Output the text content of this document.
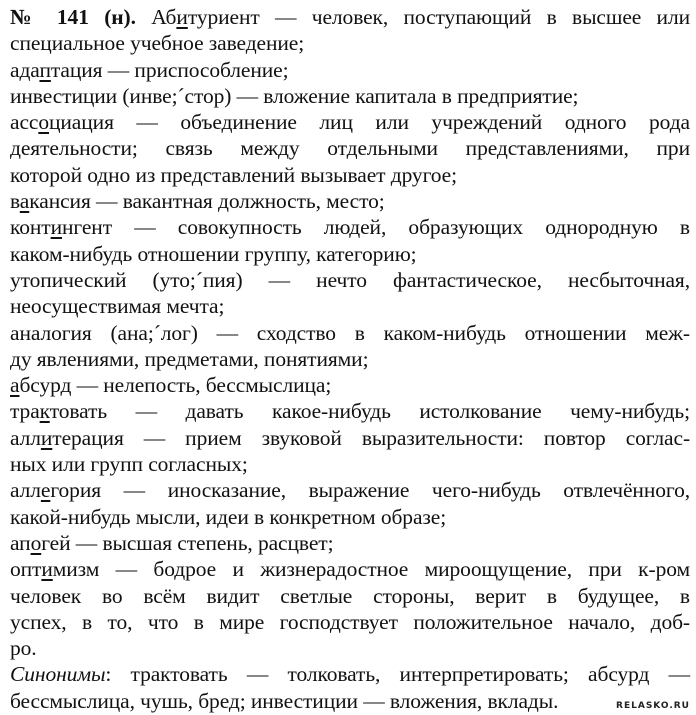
№ 141 (н). Абитуриент — человек, поступающий в высшее или
специальное учебное заведение;
адаптация — приспособление;
инвестиции (инве;´стор) — вложение капитала в предприятие;
ассоциация — объединение лиц или учреждений одного рода
деятельности; связь между отдельными представлениями, при
которой одно из представлений вызывает другое;
вакансия — вакантная должность, место;
контингент — совокупность людей, образующих однородную в
каком-нибудь отношении группу, категорию;
утопический (уто;´пия) — нечто фантастическое, несбыточная,
неосуществимая мечта;
аналогия (ана;´лог) — сходство в каком-нибудь отношении меж-
ду явлениями, предметами, понятиями;
абсурд — нелепость, бессмыслица;
трактовать — давать какое-нибудь истолкование чему-нибудь;
аллитерация — прием звуковой выразительности: повтор соглас-
ных или групп согласных;
аллегория — иносказание, выражение чего-нибудь отвлечённого,
какой-нибудь мысли, идеи в конкретном образе;
апогей — высшая степень, расцвет;
оптимизм — бодрое и жизнерадостное мироощущение, при к-ром
человек во всём видит светлые стороны, верит в будущее, в
успех, в то, что в мире господствует положительное начало, доб-
ро.
Синонимы: трактовать — толковать, интерпретировать; абсурд —
бессмыслица, чушь, бред; инвестиции — вложения, вклады.	RELASKO.RU
